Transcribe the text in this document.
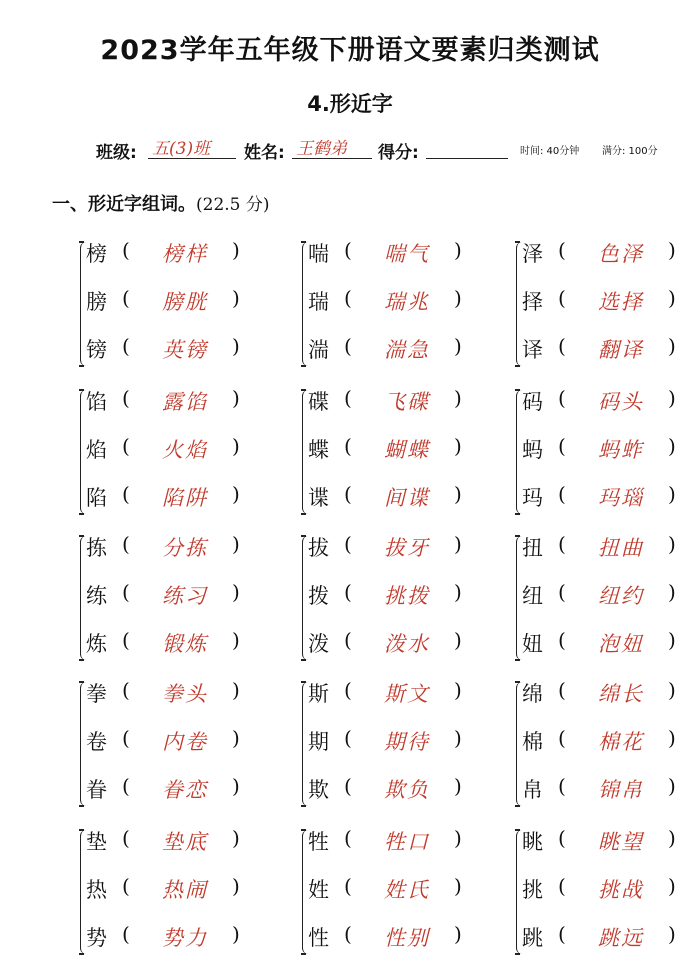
2023学年五年级下册语文要素归类测试
4.形近字
班级: 五(3)班 姓名: 王鹤弟 得分:	时间: 40分钟 满分: 100分
一、形近字组词。(22.5 分)
榜 (	榜样	)
膀 (	膀胱	)
镑 (	英镑	)
喘 (	喘气	)
瑞 (	瑞兆	)
湍 (	湍急	)
泽 (	色泽	)
择 (	选择	)
译 (	翻译	)
馅 (	露馅	)
焰 (	火焰	)
陷 (	陷阱	)
碟 (	飞碟	)
蝶 (	蝴蝶	)
谍 (	间谍	)
码 (	码头	)
蚂 (	蚂蚱	)
玛 (	玛瑙	)
拣 (	分拣	)
练 (	练习	)
炼 (	锻炼	)
拔 (	拔牙	)
拨 (	挑拨	)
泼 (	泼水	)
扭 (	扭曲	)
纽 (	纽约	)
妞 (	泡妞	)
拳 (	拳头	)
卷 (	内卷	)
眷 (	眷恋	)
斯 (	斯文	)
期 (	期待	)
欺 (	欺负	)
绵 (	绵长	)
棉 (	棉花	)
帛 (	锦帛	)
垫 (	垫底	)
热 (	热闹	)
势 (	势力	)
牲 (	牲口	)
姓 (	姓氏	)
性 (	性别	)
眺 (	眺望	)
挑 (	挑战	)
跳 (	跳远	)
